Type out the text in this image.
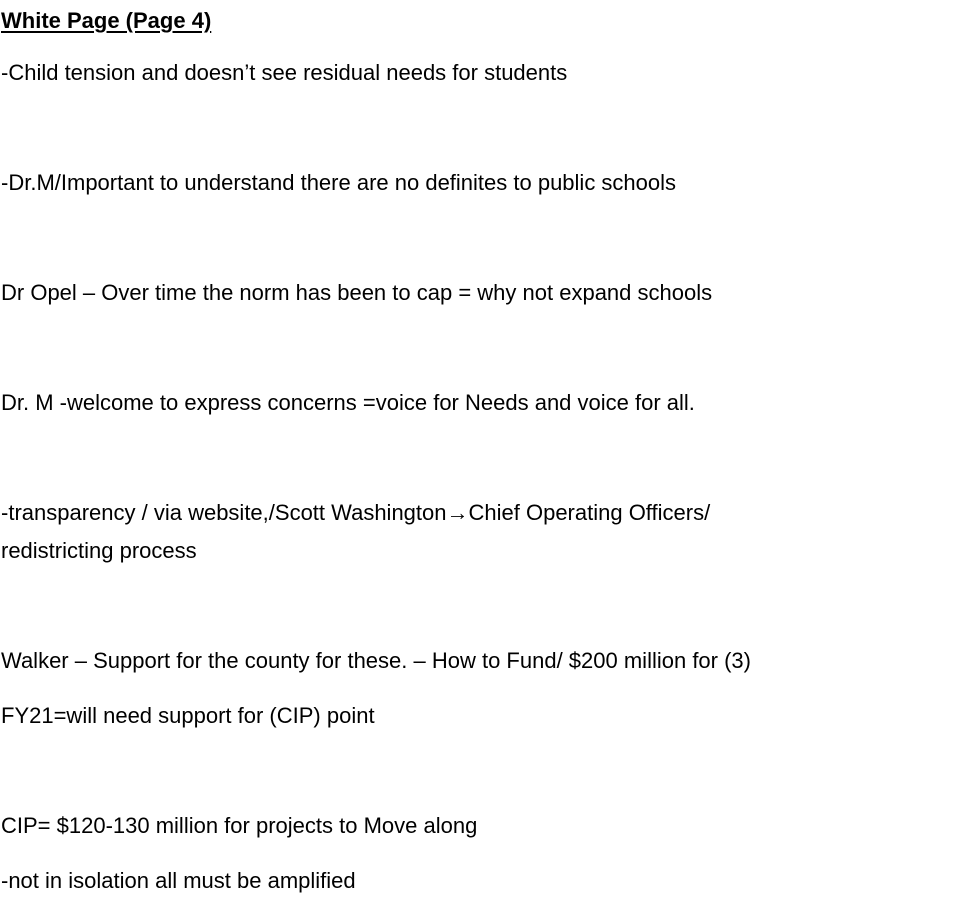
White Page (Page 4)
-Child tension and doesn’t see residual needs for students
-Dr.M/Important to understand there are no definites to public schools
Dr Opel – Over time the norm has been to cap = why not expand schools
Dr. M -welcome to express concerns =voice for Needs and voice for all.
-transparency / via website,/Scott Washington→Chief Operating Officers/
redistricting process
Walker – Support for the county for these. – How to Fund/ $200 million for (3)
FY21=will need support for (CIP) point
CIP= $120-130 million for projects to Move along
-not in isolation all must be amplified
